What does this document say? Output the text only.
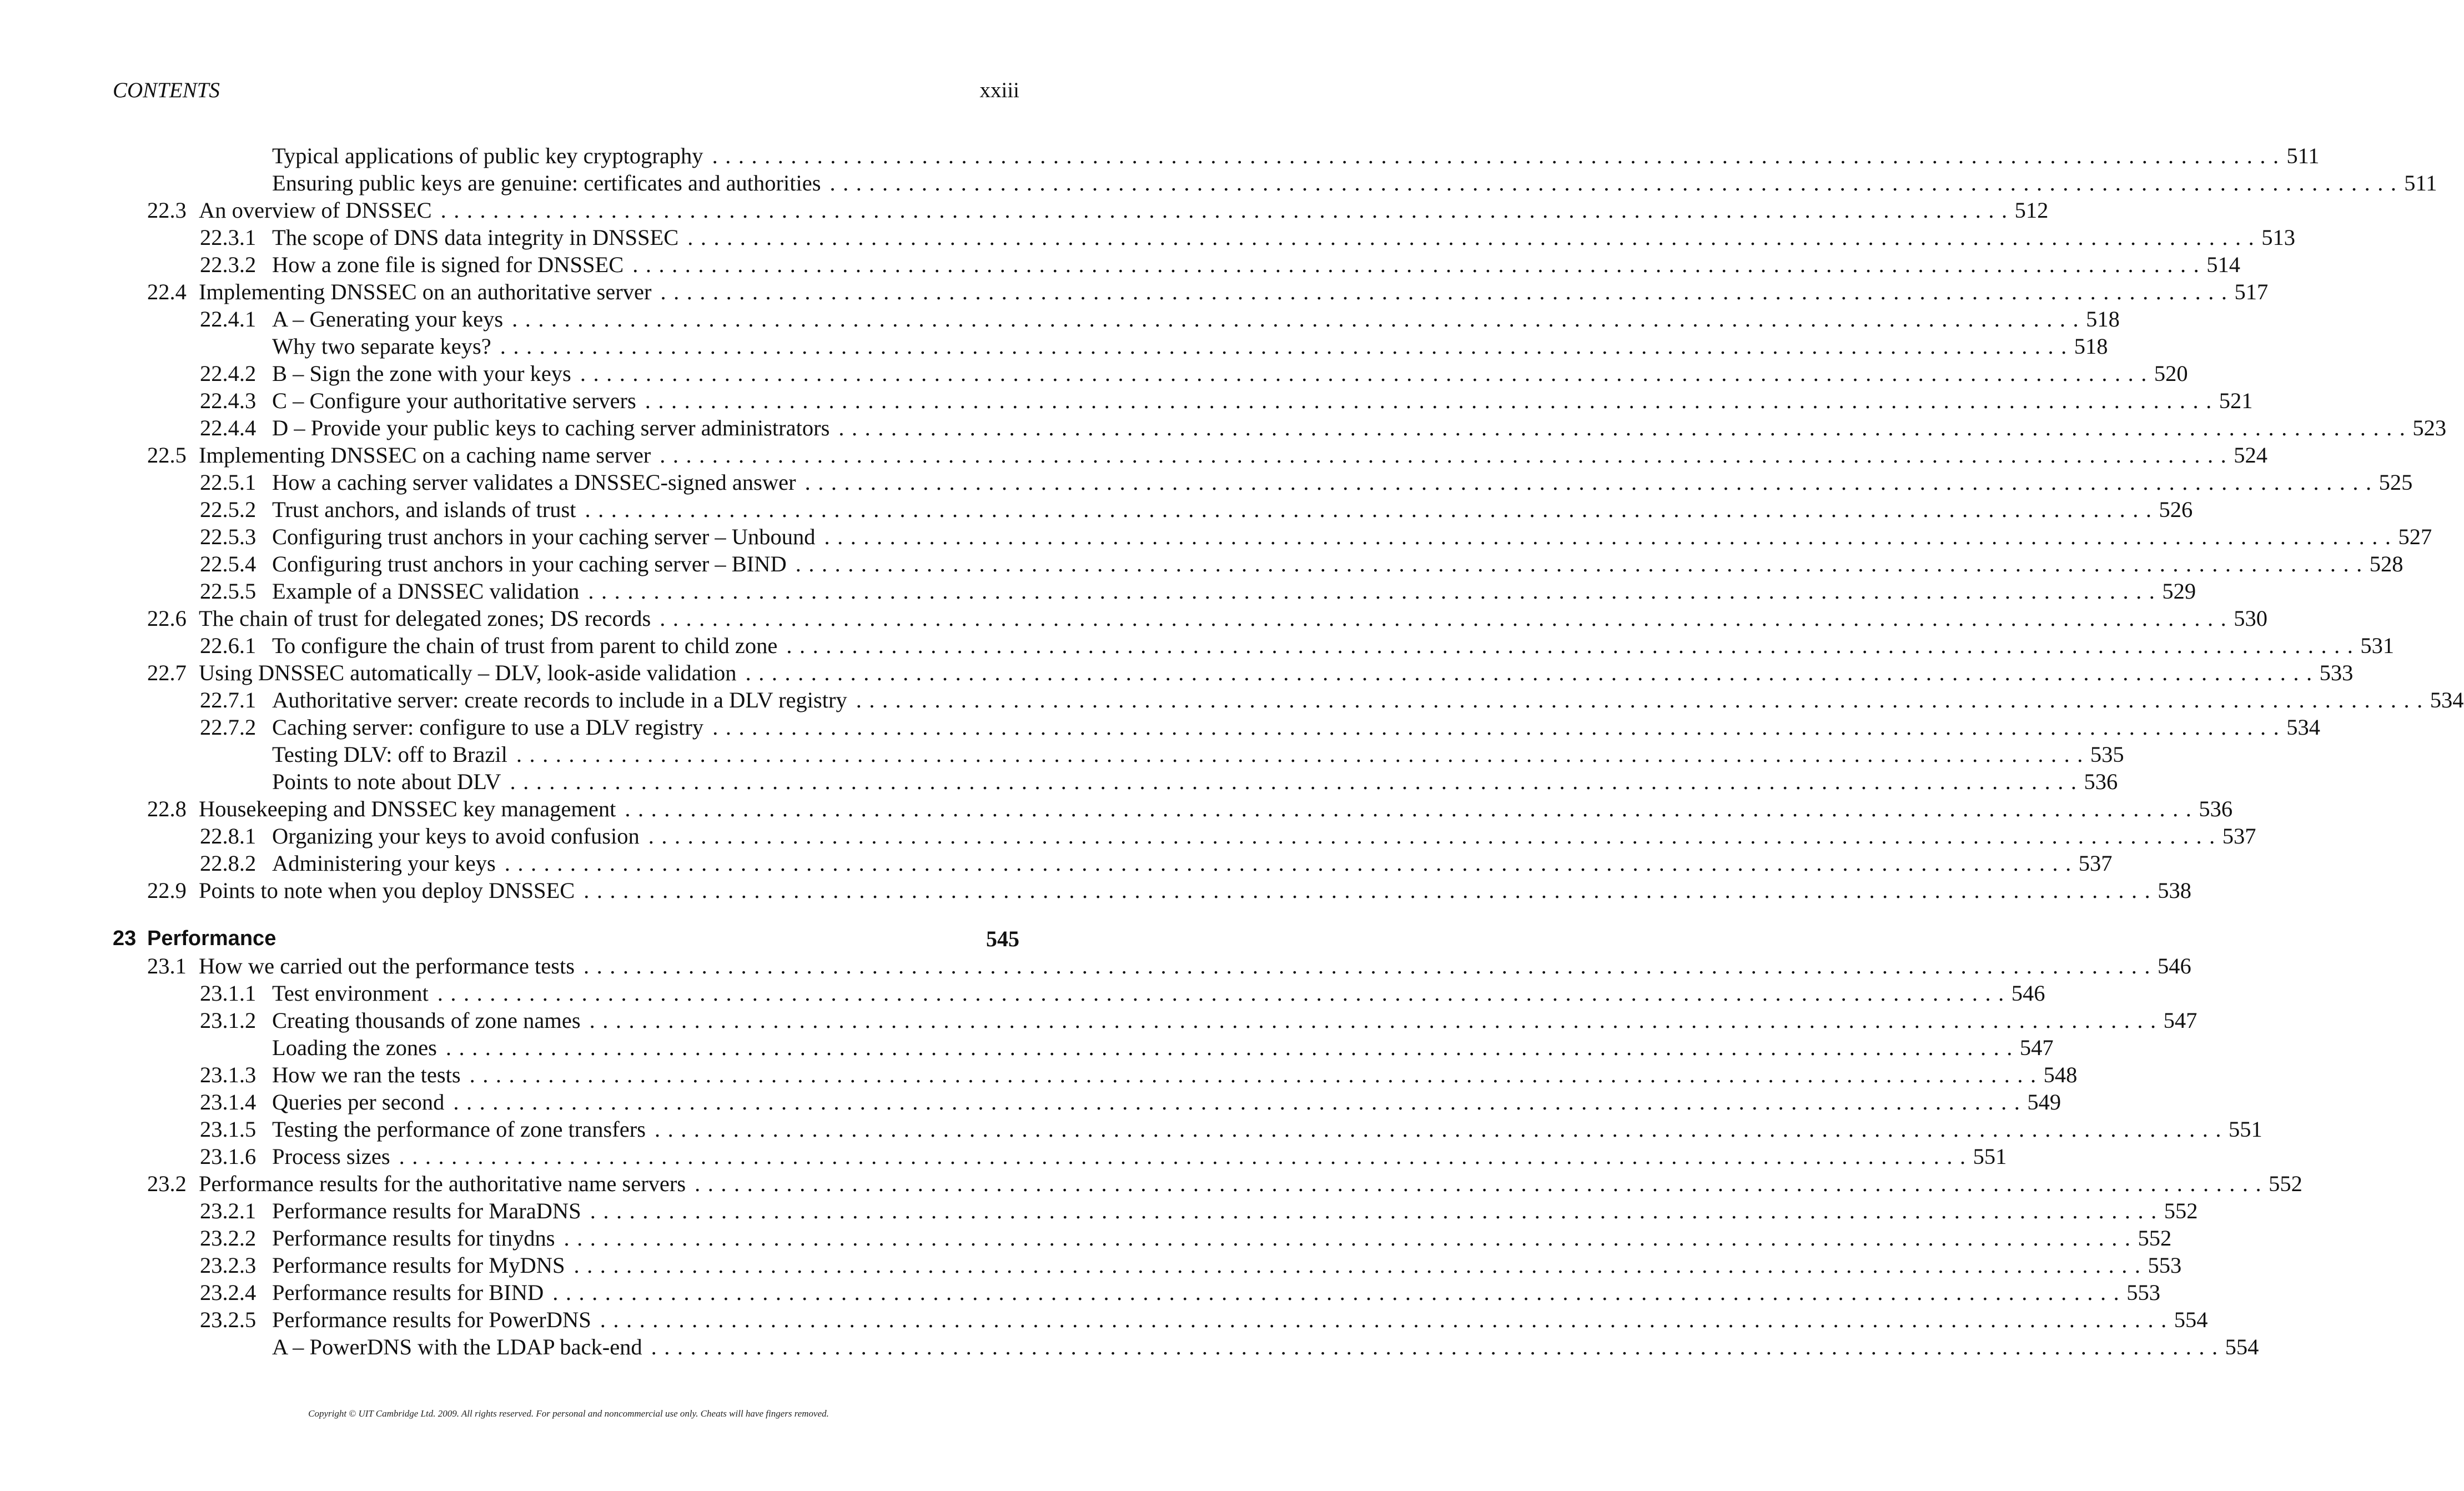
CONTENTS	xxiii
Typical applications of public key cryptography ........................................................................................................................ 511
Ensuring public keys are genuine: certificates and authorities ........................................................................................................................ 511
22.3 An overview of DNSSEC ........................................................................................................................ 512
22.3.1 The scope of DNS data integrity in DNSSEC ........................................................................................................................ 513
22.3.2 How a zone file is signed for DNSSEC ........................................................................................................................ 514
22.4 Implementing DNSSEC on an authoritative server ........................................................................................................................ 517
22.4.1 A – Generating your keys ........................................................................................................................ 518
Why two separate keys? ........................................................................................................................ 518
22.4.2 B – Sign the zone with your keys ........................................................................................................................ 520
22.4.3 C – Configure your authoritative servers ........................................................................................................................ 521
22.4.4 D – Provide your public keys to caching server administrators ........................................................................................................................ 523
22.5 Implementing DNSSEC on a caching name server ........................................................................................................................ 524
22.5.1 How a caching server validates a DNSSEC-signed answer ........................................................................................................................ 525
22.5.2 Trust anchors, and islands of trust ........................................................................................................................ 526
22.5.3 Configuring trust anchors in your caching server – Unbound ........................................................................................................................ 527
22.5.4 Configuring trust anchors in your caching server – BIND ........................................................................................................................ 528
22.5.5 Example of a DNSSEC validation ........................................................................................................................ 529
22.6 The chain of trust for delegated zones; DS records ........................................................................................................................ 530
22.6.1 To configure the chain of trust from parent to child zone ........................................................................................................................ 531
22.7 Using DNSSEC automatically – DLV, look-aside validation ........................................................................................................................ 533
22.7.1 Authoritative server: create records to include in a DLV registry ........................................................................................................................ 534
22.7.2 Caching server: configure to use a DLV registry ........................................................................................................................ 534
Testing DLV: off to Brazil ........................................................................................................................ 535
Points to note about DLV ........................................................................................................................ 536
22.8 Housekeeping and DNSSEC key management ........................................................................................................................ 536
22.8.1 Organizing your keys to avoid confusion ........................................................................................................................ 537
22.8.2 Administering your keys ........................................................................................................................ 537
22.9 Points to note when you deploy DNSSEC ........................................................................................................................ 538
23 Performance	545
23.1 How we carried out the performance tests ........................................................................................................................ 546
23.1.1 Test environment ........................................................................................................................ 546
23.1.2 Creating thousands of zone names ........................................................................................................................ 547
Loading the zones ........................................................................................................................ 547
23.1.3 How we ran the tests ........................................................................................................................ 548
23.1.4 Queries per second ........................................................................................................................ 549
23.1.5 Testing the performance of zone transfers ........................................................................................................................ 551
23.1.6 Process sizes ........................................................................................................................ 551
23.2 Performance results for the authoritative name servers ........................................................................................................................ 552
23.2.1 Performance results for MaraDNS ........................................................................................................................ 552
23.2.2 Performance results for tinydns ........................................................................................................................ 552
23.2.3 Performance results for MyDNS ........................................................................................................................ 553
23.2.4 Performance results for BIND ........................................................................................................................ 553
23.2.5 Performance results for PowerDNS ........................................................................................................................ 554
A – PowerDNS with the LDAP back-end ........................................................................................................................ 554
Copyright © UIT Cambridge Ltd. 2009. All rights reserved. For personal and noncommercial use only. Cheats will have fingers removed.
